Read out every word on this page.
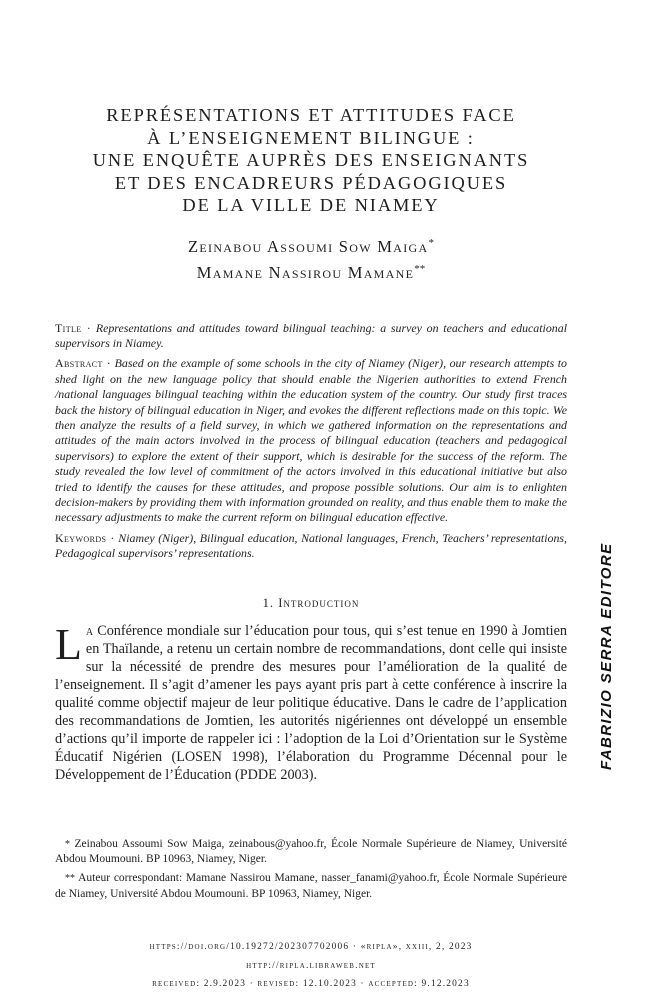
REPRÉSENTATIONS ET ATTITUDES FACE
À L’ENSEIGNEMENT BILINGUE :
UNE ENQUÊTE AUPRÈS DES ENSEIGNANTS
ET DES ENCADREURS PÉDAGOGIQUES
DE LA VILLE DE NIAMEY
Zeinabou Assoumi Sow Maiga*
Mamane Nassirou Mamane**

Title · Representations and attitudes toward bilingual teaching: a survey on teachers and educational supervisors in Niamey.

Abstract · Based on the example of some schools in the city of Niamey (Niger), our research attempts to shed light on the new language policy that should enable the Nigerien authorities to extend French /national languages bilingual teaching within the education system of the country. Our study first traces back the history of bilingual education in Niger, and evokes the different reflections made on this topic. We then analyze the results of a field survey, in which we gathered information on the representations and attitudes of the main actors involved in the process of bilingual education (teachers and pedagogical supervisors) to explore the extent of their support, which is desirable for the success of the reform. The study revealed the low level of commitment of the actors involved in this educational initiative but also tried to identify the causes for these attitudes, and propose possible solutions. Our aim is to enlighten decision-makers by providing them with information grounded on reality, and thus enable them to make the necessary adjustments to make the current reform on bilingual education effective.

Keywords · Niamey (Niger), Bilingual education, National languages, French, Teachers’ representations, Pedagogical supervisors’ representations.

1. Introduction
La Conférence mondiale sur l’éducation pour tous, qui s’est tenue en 1990 à Jomtien en Thaïlande, a retenu un certain nombre de recommandations, dont celle qui insiste sur la nécessité de prendre des mesures pour l’amélioration de la qualité de l’enseignement. Il s’agit d’amener les pays ayant pris part à cette conférence à inscrire la qualité comme objectif majeur de leur politique éducative. Dans le cadre de l’application des recommandations de Jomtien, les autorités nigériennes ont développé un ensemble d’actions qu’il importe de rappeler ici : l’adoption de la Loi d’Orientation sur le Système Éducatif Nigérien (LOSEN 1998), l’élaboration du Programme Décennal pour le Développement de l’Éducation (PDDE 2003).

* Zeinabou Assoumi Sow Maiga, zeinabous@yahoo.fr, École Normale Supérieure de Niamey, Université Abdou Moumouni. BP 10963, Niamey, Niger.

** Auteur correspondant: Mamane Nassirou Mamane, nasser_fanami@yahoo.fr, École Normale Supérieure de Niamey, Université Abdou Moumouni. BP 10963, Niamey, Niger.

https://doi.org/10.19272/202307702006 · «ripla», xxiii, 2, 2023
http://ripla.libraweb.net
received: 2.9.2023 · revised: 12.10.2023 · accepted: 9.12.2023
FABRIZIO SERRA EDITORE
